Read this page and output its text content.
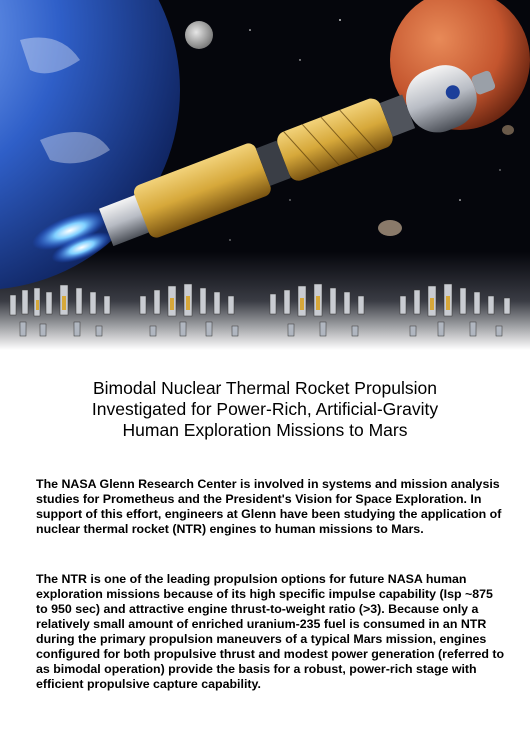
Bimodal Nuclear Thermal Rocket Propulsion
Investigated for Power-Rich, Artificial-Gravity
Human Exploration Missions to Mars

The NASA Glenn Research Center is involved in systems and mission analysis studies for Prometheus and the President's Vision for Space Exploration. In support of this effort, engineers at Glenn have been studying the application of nuclear thermal rocket (NTR) engines to human missions to Mars.

The NTR is one of the leading propulsion options for future NASA human exploration missions because of its high specific impulse capability (Isp ~875 to 950 sec) and attractive engine thrust-to-weight ratio (>3). Because only a relatively small amount of enriched uranium-235 fuel is consumed in an NTR during the primary propulsion maneuvers of a typical Mars mission, engines configured for both propulsive thrust and modest power generation (referred to as bimodal operation) provide the basis for a robust, power-rich stage with efficient propulsive capture capability.
